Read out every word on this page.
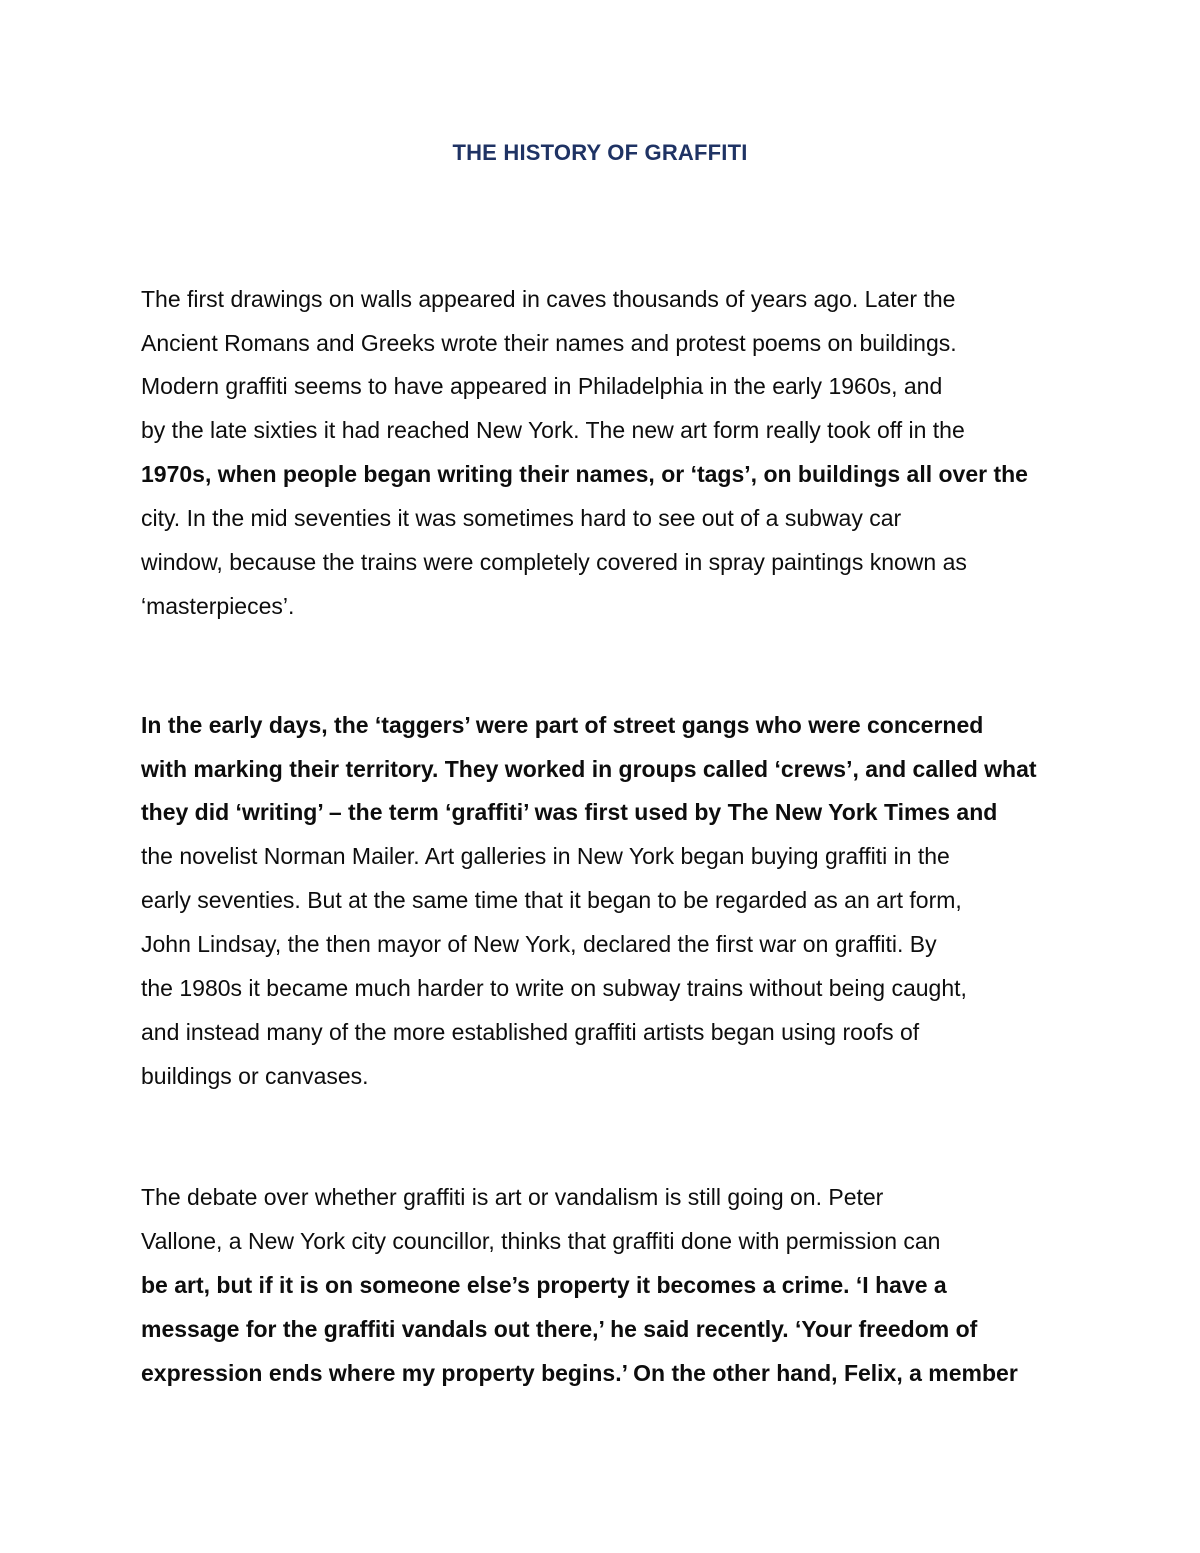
THE HISTORY OF GRAFFITI

The first drawings on walls appeared in caves thousands of years ago. Later the

Ancient Romans and Greeks wrote their names and protest poems on buildings.

Modern graffiti seems to have appeared in Philadelphia in the early 1960s, and

by the late sixties it had reached New York. The new art form really took off in the

1970s, when people began writing their names, or ‘tags’, on buildings all over the

city. In the mid seventies it was sometimes hard to see out of a subway car

window, because the trains were completely covered in spray paintings known as

‘masterpieces’.

In the early days, the ‘taggers’ were part of street gangs who were concerned

with marking their territory. They worked in groups called ‘crews’, and called what

they did ‘writing’ – the term ‘graffiti’ was first used by The New York Times and

the novelist Norman Mailer. Art galleries in New York began buying graffiti in the

early seventies. But at the same time that it began to be regarded as an art form,

John Lindsay, the then mayor of New York, declared the first war on graffiti. By

the 1980s it became much harder to write on subway trains without being caught,

and instead many of the more established graffiti artists began using roofs of

buildings or canvases.

The debate over whether graffiti is art or vandalism is still going on. Peter

Vallone, a New York city councillor, thinks that graffiti done with permission can

be art, but if it is on someone else’s property it becomes a crime. ‘I have a

message for the graffiti vandals out there,’ he said recently. ‘Your freedom of

expression ends where my property begins.’ On the other hand, Felix, a member
